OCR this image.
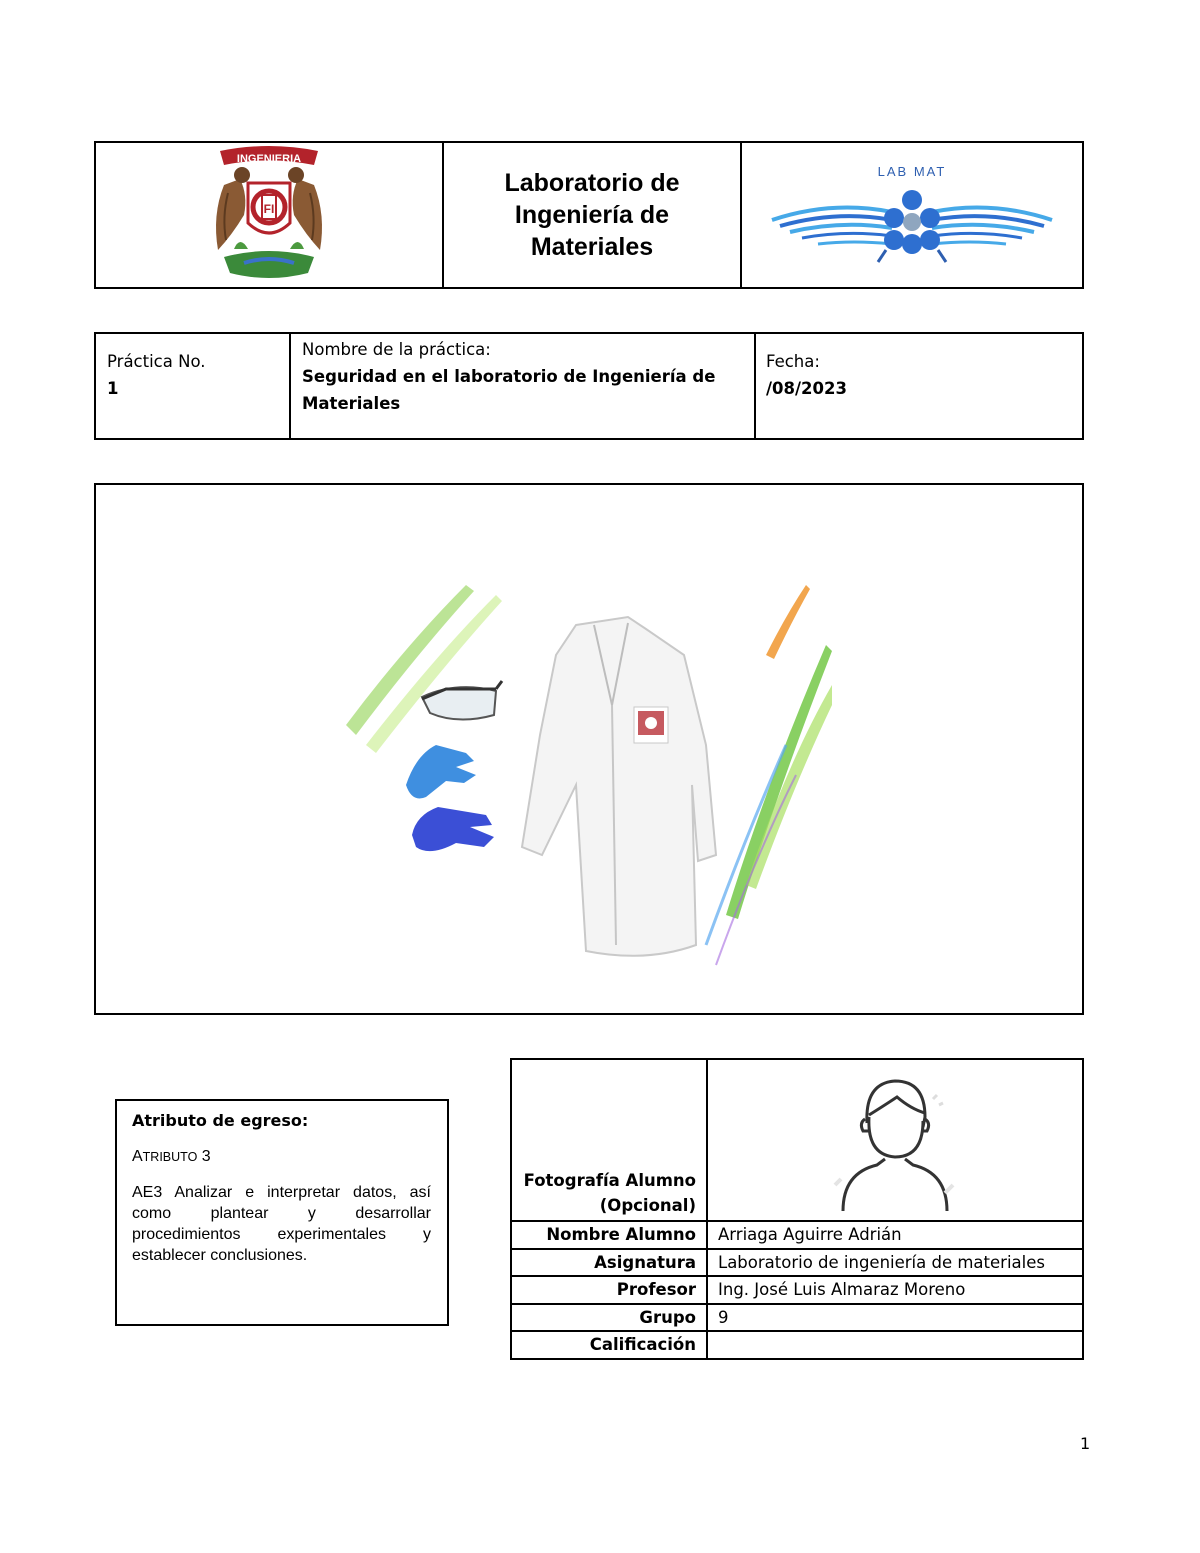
INGENIERIA
FI
Laboratorio de
Ingeniería de
Materiales
LAB MAT
Práctica No.
1
Nombre de la práctica:
Seguridad en el laboratorio de Ingeniería de
Materiales
Fecha:
/08/2023
Atributo de egreso:
ATRIBUTO 3
AE3 Analizar e interpretar datos, así como plantear y desarrollar procedimientos experimentales y establecer conclusiones.
Fotografía Alumno
(Opcional)
Nombre Alumno	Arriaga Aguirre Adrián
Asignatura	Laboratorio de ingeniería de materiales
Profesor	Ing. José Luis Almaraz Moreno
Grupo	9
Calificación
1
